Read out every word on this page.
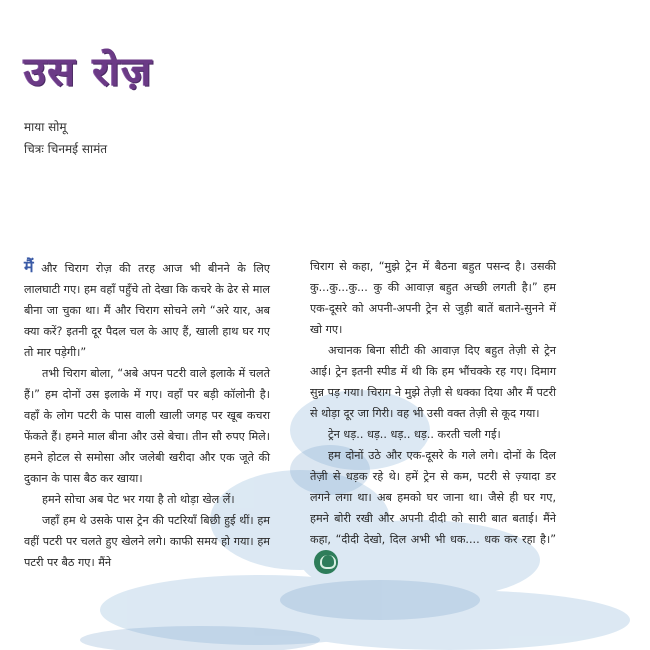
उस रोज़
माया सोमू
चित्रः चिनमई सामंत

मैं और चिराग रोज़ की तरह आज भी बीनने के लिए लालघाटी गए। हम वहाँ पहुँचे तो देखा कि कचरे के ढेर से माल बीना जा चुका था। मैं और चिराग सोचने लगे “अरे यार, अब क्या करें? इतनी दूर पैदल चल के आए हैं, खाली हाथ घर गए तो मार पड़ेगी।”

तभी चिराग बोला, “अबे अपन पटरी वाले इलाके में चलते हैं।” हम दोनों उस इलाके में गए। वहाँ पर बड़ी कॉलोनी है। वहाँ के लोग पटरी के पास वाली खाली जगह पर खूब कचरा फेंकते हैं। हमने माल बीना और उसे बेचा। तीन सौ रुपए मिले। हमने होटल से समोसा और जलेबी खरीदा और एक जूते की दुकान के पास बैठ कर खाया।

हमने सोचा अब पेट भर गया है तो थोड़ा खेल लें।

जहाँ हम थे उसके पास ट्रेन की पटरियाँ बिछी हुई थीं। हम वहीं पटरी पर चलते हुए खेलने लगे। काफी समय हो गया। हम पटरी पर बैठ गए। मैंने

चिराग से कहा, “मुझे ट्रेन में बैठना बहुत पसन्द है। उसकी कु...कु...कु... कु की आवाज़ बहुत अच्छी लगती है।” हम एक-दूसरे को अपनी-अपनी ट्रेन से जुड़ी बातें बताने-सुनने में खो गए।

अचानक बिना सीटी की आवाज़ दिए बहुत तेज़ी से ट्रेन आई। ट्रेन इतनी स्पीड में थी कि हम भौंचक्के रह गए। दिमाग सुन्न पड़ गया। चिराग ने मुझे तेज़ी से धक्का दिया और मैं पटरी से थोड़ा दूर जा गिरी। वह भी उसी वक्त तेज़ी से कूद गया।

ट्रेन धड़.. धड़.. धड़.. धड़.. करती चली गई।

हम दोनों उठे और एक-दूसरे के गले लगे। दोनों के दिल तेज़ी से धड़क रहे थे। हमें ट्रेन से कम, पटरी से ज़्यादा डर लगने लगा था। अब हमको घर जाना था। जैसे ही घर गए, हमने बोरी रखी और अपनी दीदी को सारी बात बताई। मैंने कहा, “दीदी देखो, दिल अभी भी धक.... धक कर रहा है।”
